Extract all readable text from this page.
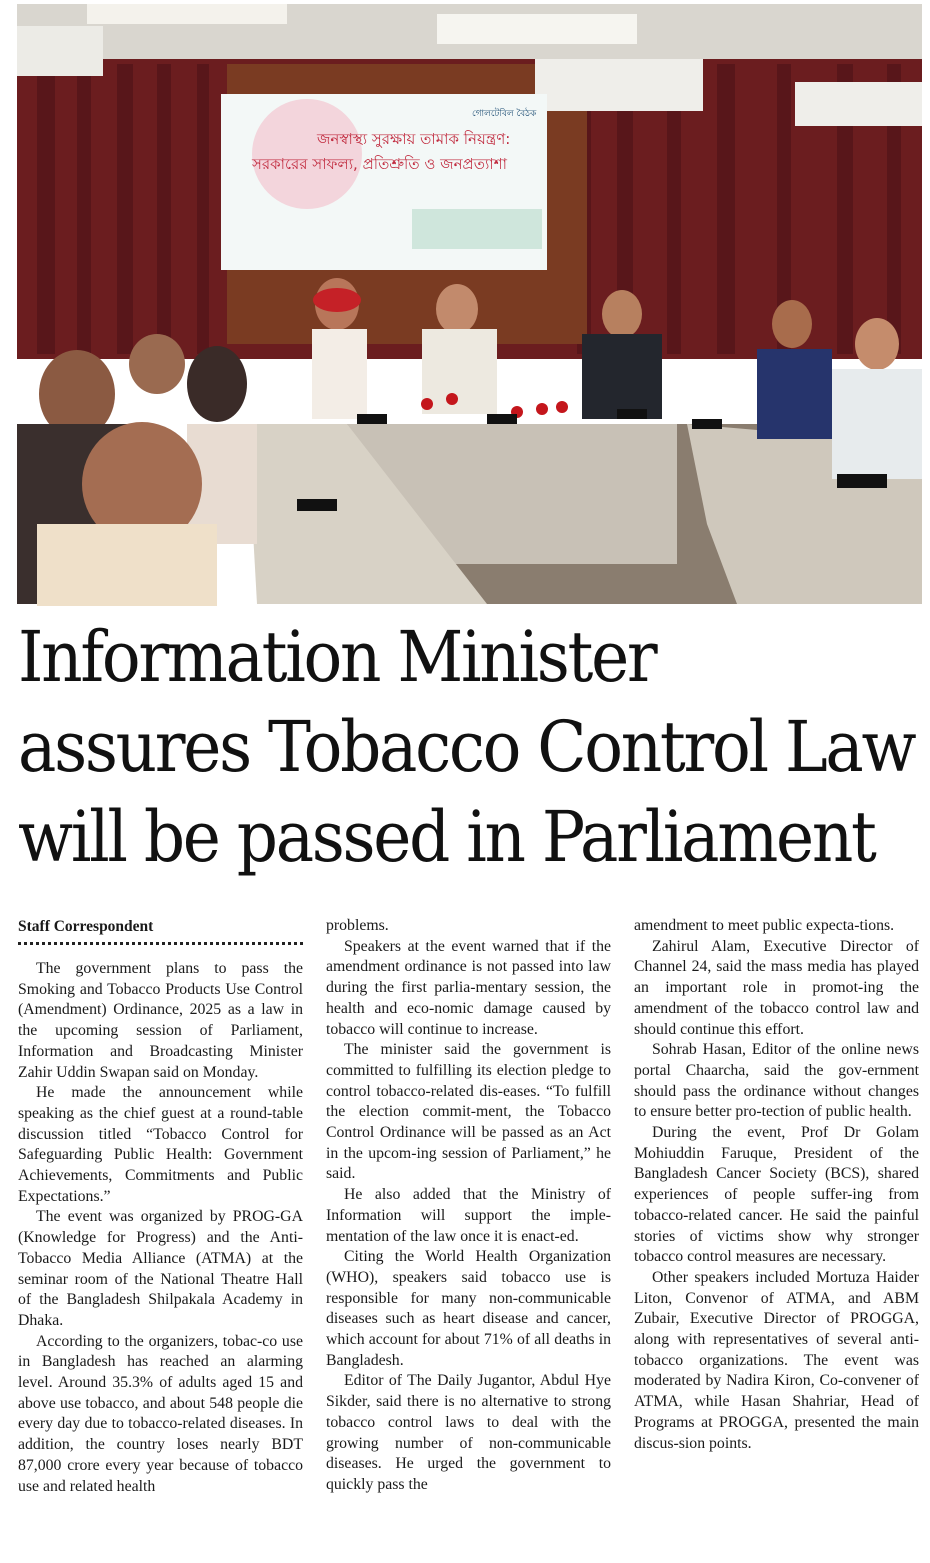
গোলটেবিল বৈঠক
জনস্বাস্থ্য সুরক্ষায় তামাক নিয়ন্ত্রণ:
সরকারের সাফল্য, প্রতিশ্রুতি ও জনপ্রত্যাশা
Information Minister
assures Tobacco Control Law
will be passed in Parliament
Staff Correspondent

The government plans to pass the Smoking and Tobacco Products Use Control (Amendment) Ordinance, 2025 as a law in the upcoming session of Parliament, Information and Broadcasting Minister Zahir Uddin Swapan said on Monday.

He made the announcement while speaking as the chief guest at a round-table discussion titled “Tobacco Control for Safeguarding Public Health: Government Achievements, Commitments and Public Expectations.”

The event was organized by PROG-GA (Knowledge for Progress) and the Anti-Tobacco Media Alliance (ATMA) at the seminar room of the National Theatre Hall of the Bangladesh Shilpakala Academy in Dhaka.

According to the organizers, tobac-co use in Bangladesh has reached an alarming level. Around 35.3% of adults aged 15 and above use tobacco, and about 548 people die every day due to tobacco-related diseases. In addition, the country loses nearly BDT 87,000 crore every year because of tobacco use and related health

problems.

Speakers at the event warned that if the amendment ordinance is not passed into law during the first parlia-mentary session, the health and eco-nomic damage caused by tobacco will continue to increase.

The minister said the government is committed to fulfilling its election pledge to control tobacco-related dis-eases. “To fulfill the election commit-ment, the Tobacco Control Ordinance will be passed as an Act in the upcom-ing session of Parliament,” he said.

He also added that the Ministry of Information will support the imple-mentation of the law once it is enact-ed.

Citing the World Health Organization (WHO), speakers said tobacco use is responsible for many non-communicable diseases such as heart disease and cancer, which account for about 71% of all deaths in Bangladesh.

Editor of The Daily Jugantor, Abdul Hye Sikder, said there is no alternative to strong tobacco control laws to deal with the growing number of non-communicable diseases. He urged the government to quickly pass the

amendment to meet public expecta-tions.

Zahirul Alam, Executive Director of Channel 24, said the mass media has played an important role in promot-ing the amendment of the tobacco control law and should continue this effort.

Sohrab Hasan, Editor of the online news portal Chaarcha, said the gov-ernment should pass the ordinance without changes to ensure better pro-tection of public health.

During the event, Prof Dr Golam Mohiuddin Faruque, President of the Bangladesh Cancer Society (BCS), shared experiences of people suffer-ing from tobacco-related cancer. He said the painful stories of victims show why stronger tobacco control measures are necessary.

Other speakers included Mortuza Haider Liton, Convenor of ATMA, and ABM Zubair, Executive Director of PROGGA, along with representatives of several anti-tobacco organizations. The event was moderated by Nadira Kiron, Co-convener of ATMA, while Hasan Shahriar, Head of Programs at PROGGA, presented the main discus-sion points.
